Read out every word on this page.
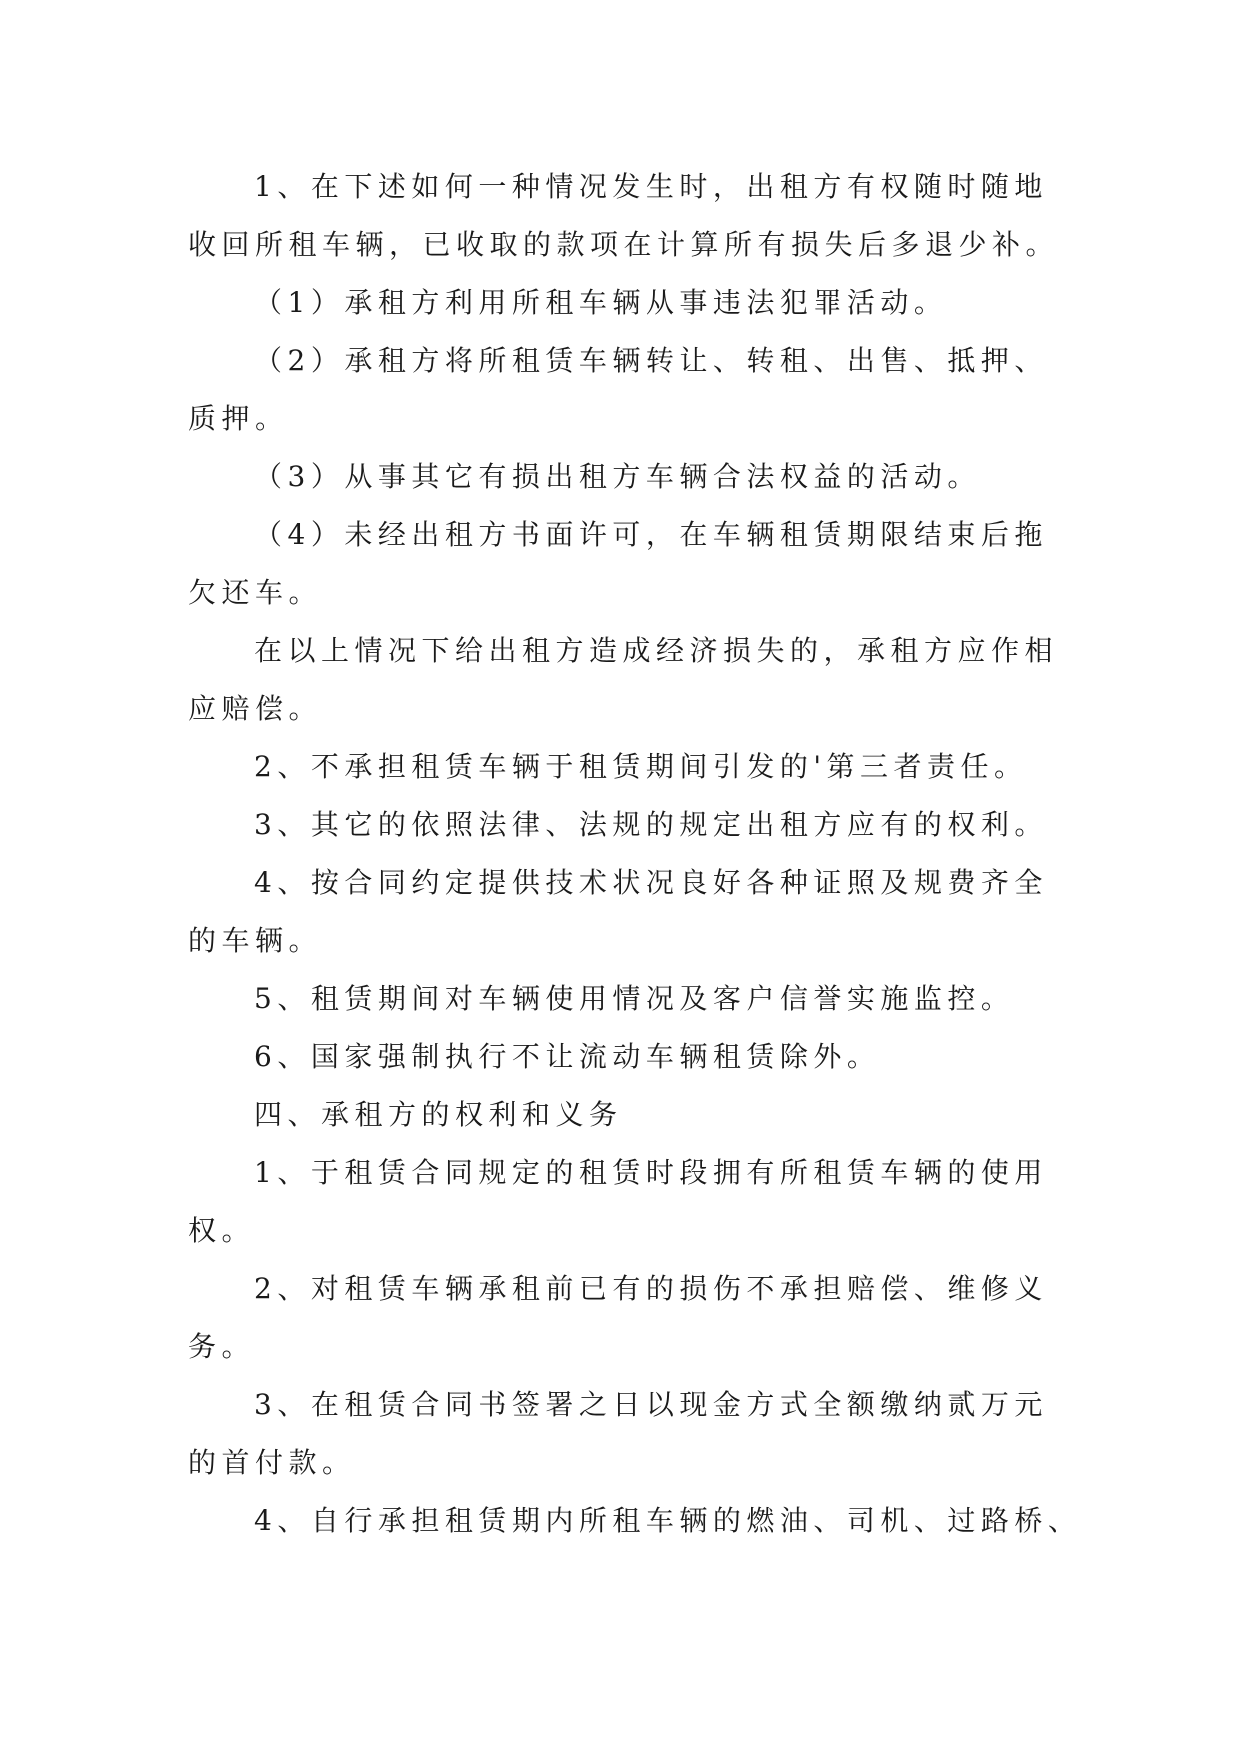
1、在下述如何一种情况发生时，出租方有权随时随地
收回所租车辆，已收取的款项在计算所有损失后多退少补。

（1）承租方利用所租车辆从事违法犯罪活动。

（2）承租方将所租赁车辆转让、转租、出售、抵押、
质押。

（3）从事其它有损出租方车辆合法权益的活动。

（4）未经出租方书面许可，在车辆租赁期限结束后拖
欠还车。

在以上情况下给出租方造成经济损失的，承租方应作相
应赔偿。

2、不承担租赁车辆于租赁期间引发的'第三者责任。

3、其它的依照法律、法规的规定出租方应有的权利。

4、按合同约定提供技术状况良好各种证照及规费齐全
的车辆。

5、租赁期间对车辆使用情况及客户信誉实施监控。

6、国家强制执行不让流动车辆租赁除外。

四、承租方的权利和义务

1、于租赁合同规定的租赁时段拥有所租赁车辆的使用
权。

2、对租赁车辆承租前已有的损伤不承担赔偿、维修义
务。

3、在租赁合同书签署之日以现金方式全额缴纳贰万元
的首付款。

4、自行承担租赁期内所租车辆的燃油、司机、过路桥、
